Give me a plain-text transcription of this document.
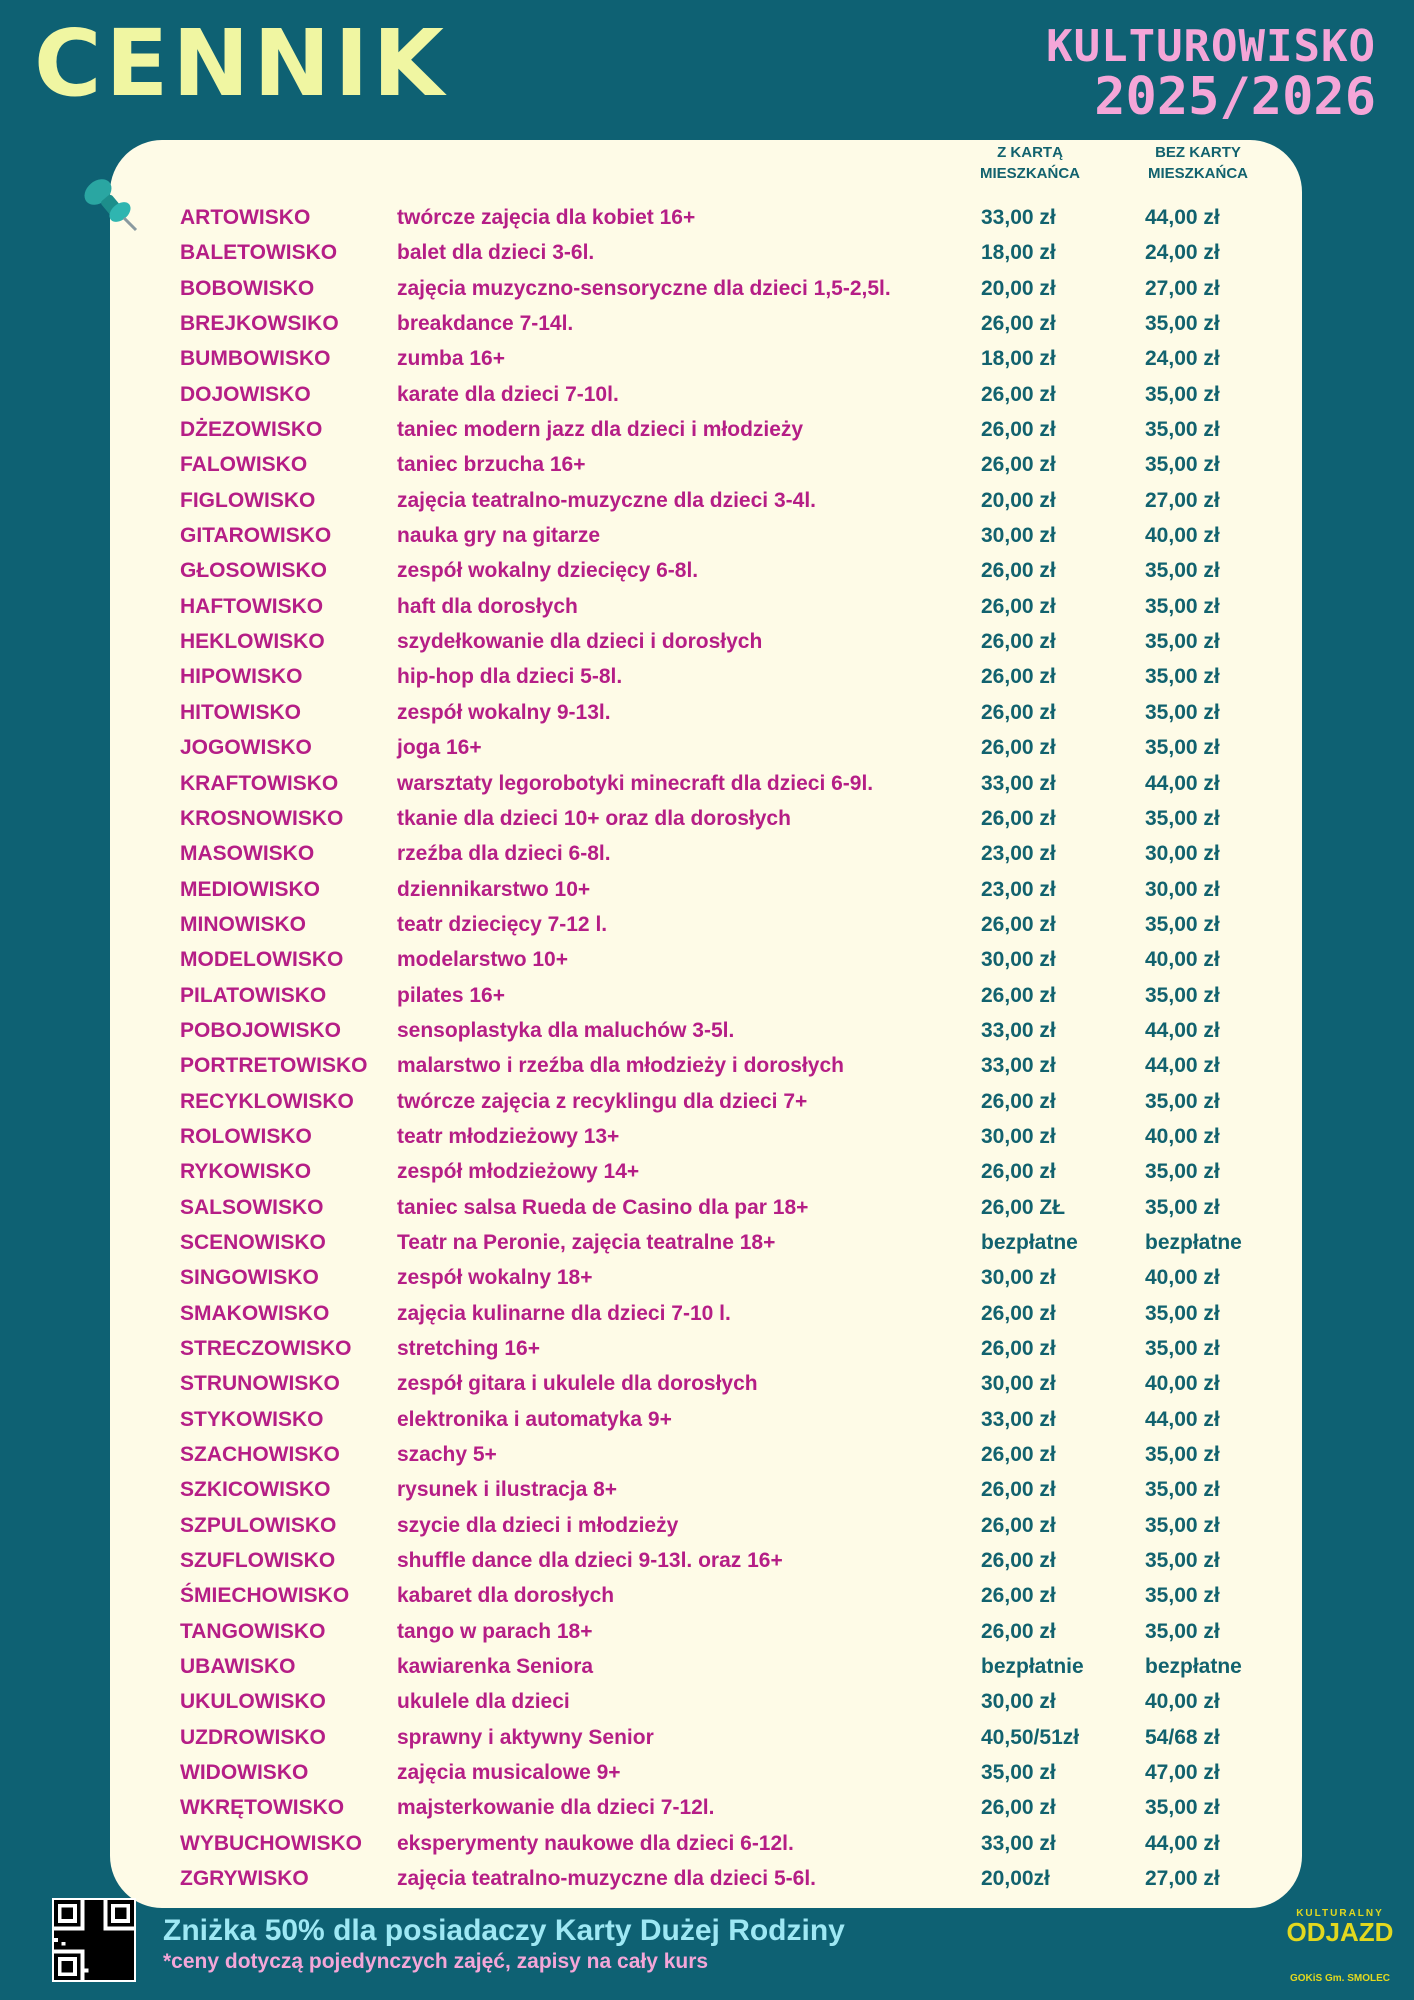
CENNIK	KULTUROWISKO
2025/2026
Z KARTĄ MIESZKAŃCA
BEZ KARTY MIESZKAŃCA
ARTOWISKO	twórcze zajęcia dla kobiet 16+	33,00 zł	44,00 zł
BALETOWISKO	balet dla dzieci 3-6l.	18,00 zł	24,00 zł
BOBOWISKO	zajęcia muzyczno-sensoryczne dla dzieci 1,5-2,5l.	20,00 zł	27,00 zł
BREJKOWSIKO	breakdance 7-14l.	26,00 zł	35,00 zł
BUMBOWISKO	zumba 16+	18,00 zł	24,00 zł
DOJOWISKO	karate dla dzieci 7-10l.	26,00 zł	35,00 zł
DŻEZOWISKO	taniec modern jazz dla dzieci i młodzieży	26,00 zł	35,00 zł
FALOWISKO	taniec brzucha 16+	26,00 zł	35,00 zł
FIGLOWISKO	zajęcia teatralno-muzyczne dla dzieci 3-4l.	20,00 zł	27,00 zł
GITAROWISKO	nauka gry na gitarze	30,00 zł	40,00 zł
GŁOSOWISKO	zespół wokalny dziecięcy 6-8l.	26,00 zł	35,00 zł
HAFTOWISKO	haft dla dorosłych	26,00 zł	35,00 zł
HEKLOWISKO	szydełkowanie dla dzieci i dorosłych	26,00 zł	35,00 zł
HIPOWISKO	hip-hop dla dzieci 5-8l.	26,00 zł	35,00 zł
HITOWISKO	zespół wokalny 9-13l.	26,00 zł	35,00 zł
JOGOWISKO	joga 16+	26,00 zł	35,00 zł
KRAFTOWISKO	warsztaty legorobotyki minecraft dla dzieci 6-9l.	33,00 zł	44,00 zł
KROSNOWISKO	tkanie dla dzieci 10+ oraz dla dorosłych	26,00 zł	35,00 zł
MASOWISKO	rzeźba dla dzieci 6-8l.	23,00 zł	30,00 zł
MEDIOWISKO	dziennikarstwo 10+	23,00 zł	30,00 zł
MINOWISKO	teatr dziecięcy 7-12 l.	26,00 zł	35,00 zł
MODELOWISKO	modelarstwo 10+	30,00 zł	40,00 zł
PILATOWISKO	pilates 16+	26,00 zł	35,00 zł
POBOJOWISKO	sensoplastyka dla maluchów 3-5l.	33,00 zł	44,00 zł
PORTRETOWISKO malarstwo i rzeźba dla młodzieży i dorosłych	33,00 zł	44,00 zł
RECYKLOWISKO twórcze zajęcia z recyklingu dla dzieci 7+	26,00 zł	35,00 zł
ROLOWISKO	teatr młodzieżowy 13+	30,00 zł	40,00 zł
RYKOWISKO	zespół młodzieżowy 14+	26,00 zł	35,00 zł
SALSOWISKO	taniec salsa Rueda de Casino dla par 18+	26,00 ZŁ	35,00 zł
SCENOWISKO	Teatr na Peronie, zajęcia teatralne 18+	bezpłatne	bezpłatne
SINGOWISKO	zespół wokalny 18+	30,00 zł	40,00 zł
SMAKOWISKO	zajęcia kulinarne dla dzieci 7-10 l.	26,00 zł	35,00 zł
STRECZOWISKO stretching 16+	26,00 zł	35,00 zł
STRUNOWISKO	zespół gitara i ukulele dla dorosłych	30,00 zł	40,00 zł
STYKOWISKO	elektronika i automatyka 9+	33,00 zł	44,00 zł
SZACHOWISKO	szachy 5+	26,00 zł	35,00 zł
SZKICOWISKO	rysunek i ilustracja 8+	26,00 zł	35,00 zł
SZPULOWISKO	szycie dla dzieci i młodzieży	26,00 zł	35,00 zł
SZUFLOWISKO	shuffle dance dla dzieci 9-13l. oraz 16+	26,00 zł	35,00 zł
ŚMIECHOWISKO kabaret dla dorosłych	26,00 zł	35,00 zł
TANGOWISKO	tango w parach 18+	26,00 zł	35,00 zł
UBAWISKO	kawiarenka Seniora	bezpłatnie	bezpłatne
UKULOWISKO	ukulele dla dzieci	30,00 zł	40,00 zł
UZDROWISKO	sprawny i aktywny Senior	40,50/51zł	54/68 zł
WIDOWISKO	zajęcia musicalowe 9+	35,00 zł	47,00 zł
WKRĘTOWISKO	majsterkowanie dla dzieci 7-12l.	26,00 zł	35,00 zł
WYBUCHOWISKO eksperymenty naukowe dla dzieci 6-12l.	33,00 zł	44,00 zł
ZGRYWISKO	zajęcia teatralno-muzyczne dla dzieci 5-6l.	20,00zł	27,00 zł
Zniżka 50% dla posiadaczy Karty Dużej Rodziny
*ceny dotyczą pojedynczych zajęć, zapisy na cały kurs
KULTURALNY
ODJAZD
GOKiS Gm. SMOLEC
